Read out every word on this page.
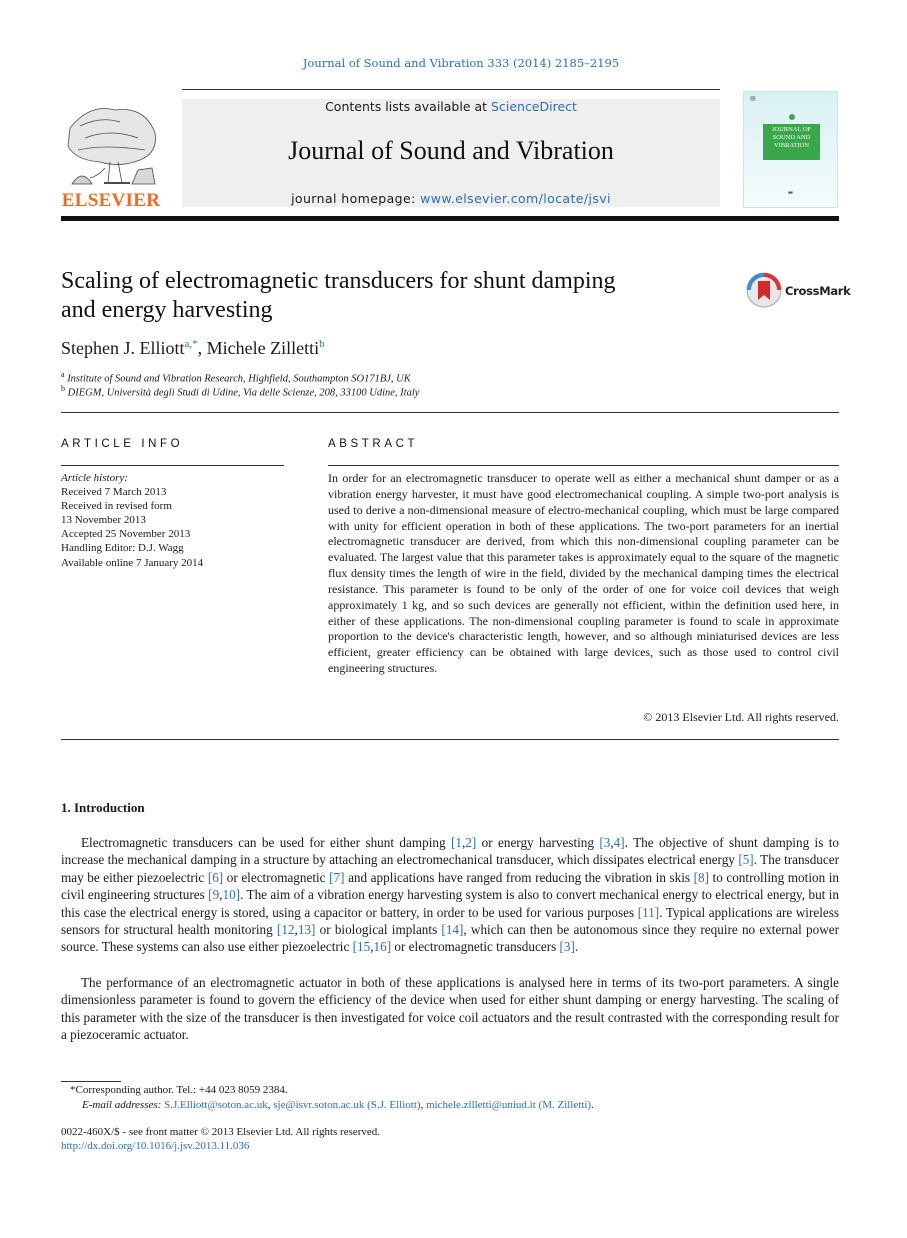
Journal of Sound and Vibration 333 (2014) 2185–2195
ELSEVIER
Contents lists available at ScienceDirect
Journal of Sound and Vibration
journal homepage: www.elsevier.com/locate/jsvi
▦
JOURNAL OF SOUND AND VIBRATION
▬
Scaling of electromagnetic transducers for shunt damping
and energy harvesting
CrossMark
Stephen J. Elliott$^{a,*}$, Michele Zilletti$^b$
$^a$ Institute of Sound and Vibration Research, Highfield, Southampton SO171BJ, UK
$^b$ DIEGM, Università degli Studi di Udine, Via delle Scienze, 208, 33100 Udine, Italy
ARTICLE INFO
Article history:
Received 7 March 2013
Received in revised form
13 November 2013
Accepted 25 November 2013
Handling Editor: D.J. Wagg
Available online 7 January 2014
ABSTRACT
In order for an electromagnetic transducer to operate well as either a mechanical shunt damper or as a vibration energy harvester, it must have good electromechanical coupling. A simple two-port analysis is used to derive a non-dimensional measure of electro-mechanical coupling, which must be large compared with unity for efficient operation in both of these applications. The two-port parameters for an inertial electromagnetic transducer are derived, from which this non-dimensional coupling parameter can be evaluated. The largest value that this parameter takes is approximately equal to the square of the magnetic flux density times the length of wire in the field, divided by the mechanical damping times the electrical resistance. This parameter is found to be only of the order of one for voice coil devices that weigh approximately 1 kg, and so such devices are generally not efficient, within the definition used here, in either of these applications. The non-dimensional coupling parameter is found to scale in approximate proportion to the device's characteristic length, however, and so although miniaturised devices are less efficient, greater efficiency can be obtained with large devices, such as those used to control civil engineering structures.
© 2013 Elsevier Ltd. All rights reserved.
1. Introduction
Electromagnetic transducers can be used for either shunt damping [1,2] or energy harvesting [3,4]. The objective of shunt damping is to increase the mechanical damping in a structure by attaching an electromechanical transducer, which dissipates electrical energy [5]. The transducer may be either piezoelectric [6] or electromagnetic [7] and applications have ranged from reducing the vibration in skis [8] to controlling motion in civil engineering structures [9,10]. The aim of a vibration energy harvesting system is also to convert mechanical energy to electrical energy, but in this case the electrical energy is stored, using a capacitor or battery, in order to be used for various purposes [11]. Typical applications are wireless sensors for structural health monitoring [12,13] or biological implants [14], which can then be autonomous since they require no external power source. These systems can also use either piezoelectric [15,16] or electromagnetic transducers [3].
The performance of an electromagnetic actuator in both of these applications is analysed here in terms of its two-port parameters. A single dimensionless parameter is found to govern the efficiency of the device when used for either shunt damping or energy harvesting. The scaling of this parameter with the size of the transducer is then investigated for voice coil actuators and the result contrasted with the corresponding result for a piezoceramic actuator.
*Corresponding author. Tel.: +44 023 8059 2384.
E-mail addresses: S.J.Elliott@soton.ac.uk, sje@isvr.soton.ac.uk (S.J. Elliott), michele.zilletti@uniud.it (M. Zilletti).
0022-460X/$ - see front matter © 2013 Elsevier Ltd. All rights reserved.
http://dx.doi.org/10.1016/j.jsv.2013.11.036
